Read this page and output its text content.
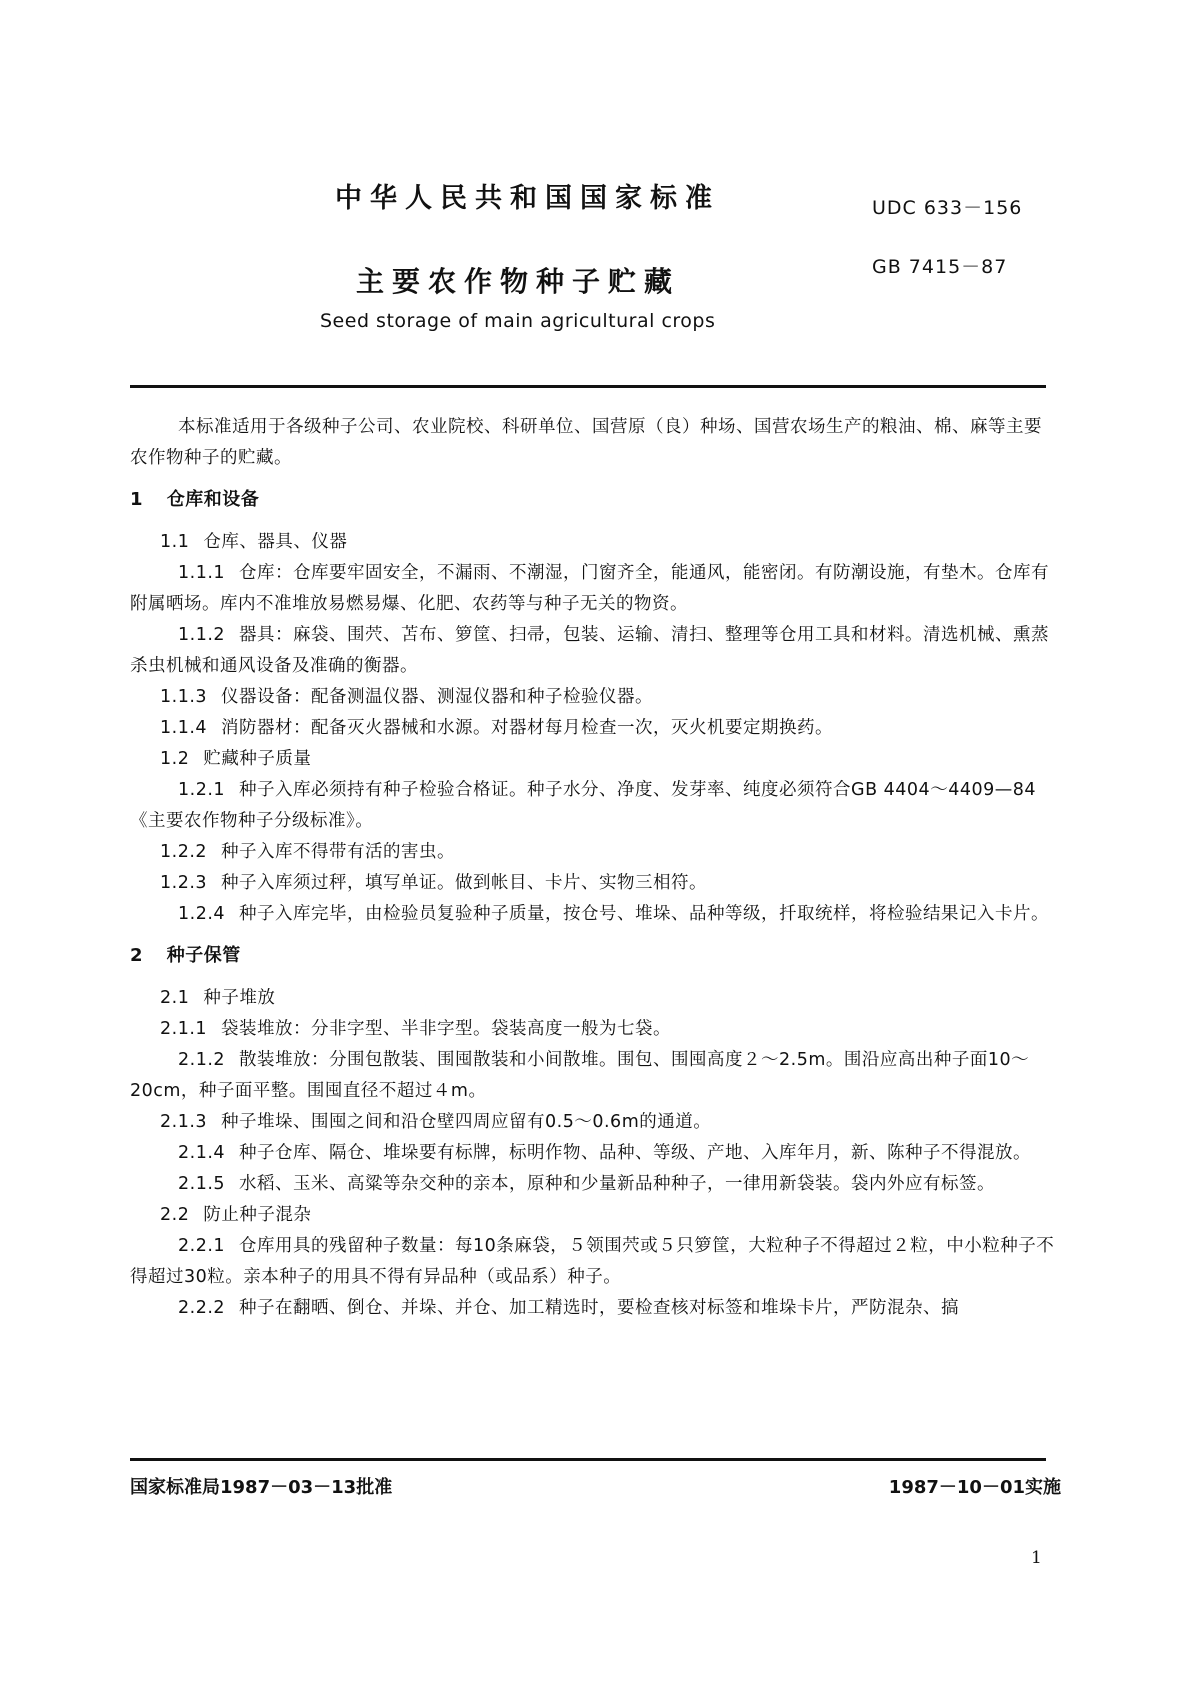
中华人民共和国国家标准	UDC 633－156
主要农作物种子贮藏	GB 7415－87
Seed storage of main agricultural crops

本标准适用于各级种子公司、农业院校、科研单位、国营原（良）种场、国营农场生产的粮油、棉、麻等主要农作物种子的贮藏。

1 仓库和设备

1.1 仓库、器具、仪器

1.1.1 仓库：仓库要牢固安全，不漏雨、不潮湿，门窗齐全，能通风，能密闭。有防潮设施，有垫木。仓库有附属晒场。库内不准堆放易燃易爆、化肥、农药等与种子无关的物资。

1.1.2 器具：麻袋、围茓、苫布、箩筐、扫帚，包装、运输、清扫、整理等仓用工具和材料。清选机械、熏蒸杀虫机械和通风设备及准确的衡器。

1.1.3 仪器设备：配备测温仪器、测湿仪器和种子检验仪器。

1.1.4 消防器材：配备灭火器械和水源。对器材每月检查一次，灭火机要定期换药。

1.2 贮藏种子质量

1.2.1 种子入库必须持有种子检验合格证。种子水分、净度、发芽率、纯度必须符合GB 4404～4409—84《主要农作物种子分级标准》。

1.2.2 种子入库不得带有活的害虫。

1.2.3 种子入库须过秤，填写单证。做到帐目、卡片、实物三相符。

1.2.4 种子入库完毕，由检验员复验种子质量，按仓号、堆垛、品种等级，扦取统样，将检验结果记入卡片。

2 种子保管

2.1 种子堆放

2.1.1 袋装堆放：分非字型、半非字型。袋装高度一般为七袋。

2.1.2 散装堆放：分围包散装、围囤散装和小间散堆。围包、围囤高度２～2.5m。围沿应高出种子面10～20cm，种子面平整。围囤直径不超过４m。

2.1.3 种子堆垛、围囤之间和沿仓壁四周应留有0.5～0.6m的通道。

2.1.4 种子仓库、隔仓、堆垛要有标牌，标明作物、品种、等级、产地、入库年月，新、陈种子不得混放。

2.1.5 水稻、玉米、高粱等杂交种的亲本，原种和少量新品种种子，一律用新袋装。袋内外应有标签。

2.2 防止种子混杂

2.2.1 仓库用具的残留种子数量：每10条麻袋，５领围茓或５只箩筐，大粒种子不得超过２粒，中小粒种子不得超过30粒。亲本种子的用具不得有异品种（或品系）种子。

2.2.2 种子在翻晒、倒仓、并垛、并仓、加工精选时，要检查核对标签和堆垛卡片，严防混杂、搞

国家标准局1987－03－13批准	1987－10－01实施
1
